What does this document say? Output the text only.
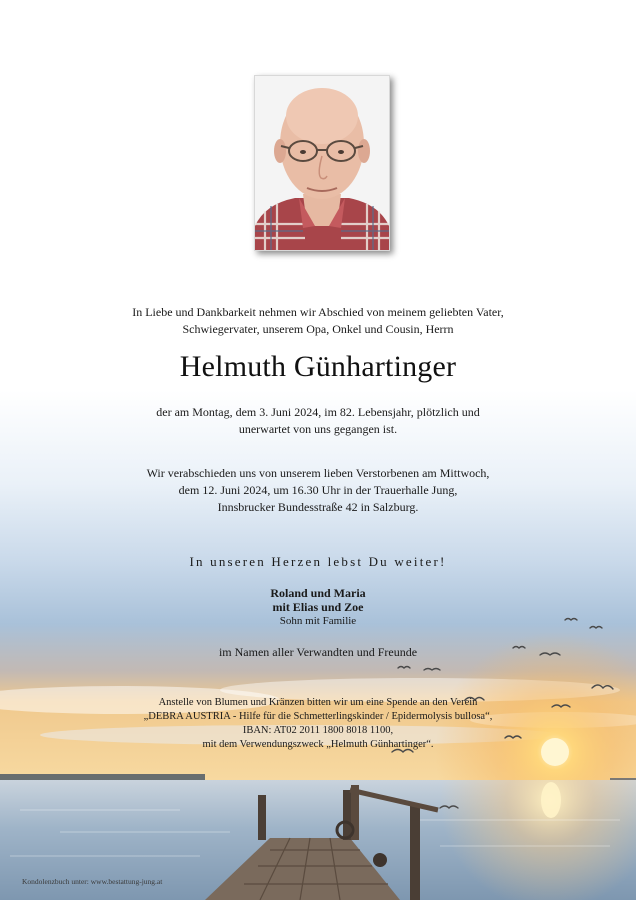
In Liebe und Dankbarkeit nehmen wir Abschied von meinem geliebten Vater,
Schwiegervater, unserem Opa, Onkel und Cousin, Herrn
Helmuth Günhartinger
der am Montag, dem 3. Juni 2024, im 82. Lebensjahr, plötzlich und
unerwartet von uns gegangen ist.
Wir verabschieden uns von unserem lieben Verstorbenen am Mittwoch,
dem 12. Juni 2024, um 16.30 Uhr in der Trauerhalle Jung,
Innsbrucker Bundesstraße 42 in Salzburg.
In unseren Herzen lebst Du weiter!
Roland und Maria
mit Elias und Zoe
Sohn mit Familie
im Namen aller Verwandten und Freunde
Anstelle von Blumen und Kränzen bitten wir um eine Spende an den Verein
„DEBRA AUSTRIA - Hilfe für die Schmetterlingskinder / Epidermolysis bullosa“,
IBAN: AT02 2011 1800 8018 1100,
mit dem Verwendungszweck „Helmuth Günhartinger“.
Kondolenzbuch unter: www.bestattung-jung.at
